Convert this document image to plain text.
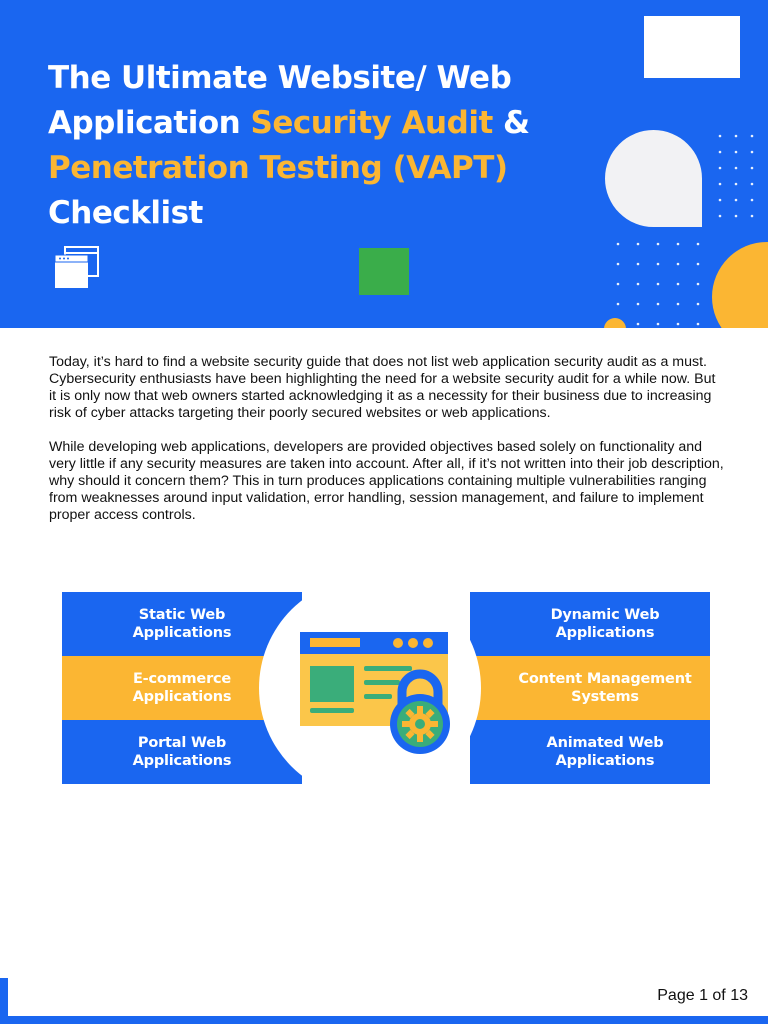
The Ultimate Website/ Web Application Security Audit & Penetration Testing (VAPT) Checklist

Today, it’s hard to find a website security guide that does not list web application security audit as a must. Cybersecurity enthusiasts have been highlighting the need for a website security audit for a while now. But it is only now that web owners started acknowledging it as a necessity for their business due to increasing risk of cyber attacks targeting their poorly secured websites or web applications.

While developing web applications, developers are provided objectives based solely on functionality and very little if any security measures are taken into account. After all, if it’s not written into their job description, why should it concern them? This in turn produces applications containing multiple vulnerabilities ranging from weaknesses around input validation, error handling, session management, and failure to implement proper access controls.

Static Web
Applications
E-commerce
Applications
Portal Web
Applications
Dynamic Web
Applications
Content Management
Systems
Animated Web
Applications
Page 1 of 13
